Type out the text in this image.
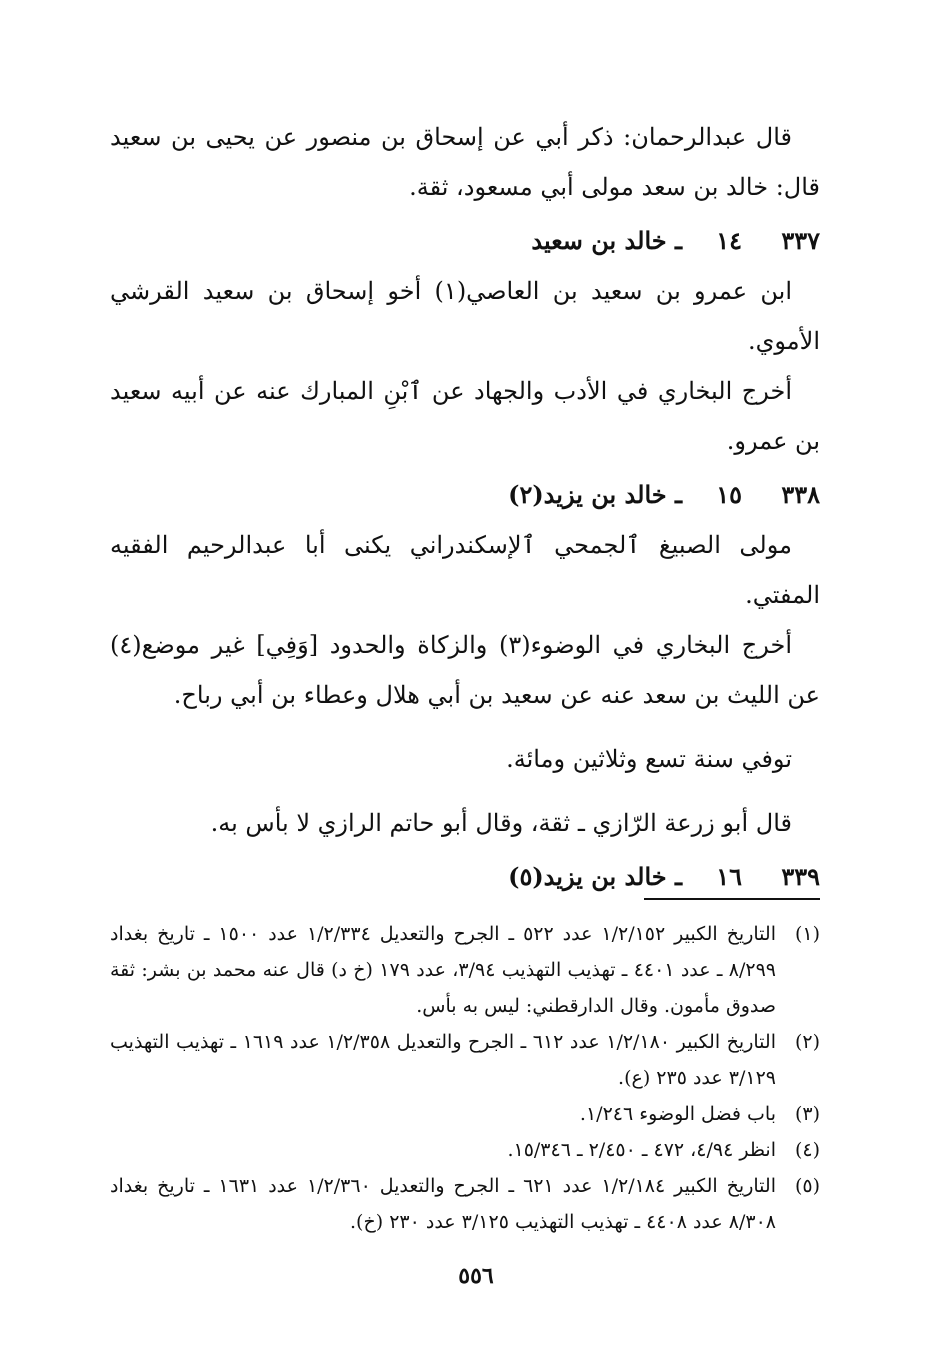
قال عبدالرحمان: ذكر أبي عن إسحاق بن منصور عن يحيى بن سعيد قال: خالد بن سعد مولى أبي مسعود، ثقة.

٣٣٧
١٤
ـ خالد بن سعيد

ابن عمرو بن سعيد بن العاصي(١) أخو إسحاق بن سعيد القرشي الأموي.

أخرج البخاري في الأدب والجهاد عن ٱبْنِ المبارك عنه عن أبيه سعيد بن عمرو.

٣٣٨
١٥
ـ خالد بن يزيد(٢)

مولى الصبيغ ٱلجمحي ٱلإسكندراني يكنى أبا عبدالرحيم الفقيه المفتي.

أخرج البخاري في الوضوء(٣) والزكاة والحدود [وَفِي] غير موضع(٤) عن الليث بن سعد عنه عن سعيد بن أبي هلال وعطاء بن أبي رباح.

توفي سنة تسع وثلاثين ومائة.

قال أبو زرعة الرّازي ـ ثقة، وقال أبو حاتم الرازي لا بأس به.

٣٣٩
١٦
ـ خالد بن يزيد(٥)
(١)
التاريخ الكبير ١/٢/١٥٢ عدد ٥٢٢ ـ الجرح والتعديل ١/٢/٣٣٤ عدد ١٥٠٠ ـ تاريخ بغداد ٨/٢٩٩ ـ عدد ٤٤٠١ ـ تهذيب التهذيب ٣/٩٤، عدد ١٧٩ (خ د) قال عنه محمد بن بشر: ثقة صدوق مأمون. وقال الدارقطني: ليس به بأس.
(٢)
التاريخ الكبير ١/٢/١٨٠ عدد ٦١٢ ـ الجرح والتعديل ١/٢/٣٥٨ عدد ١٦١٩ ـ تهذيب التهذيب ٣/١٢٩ عدد ٢٣٥ (ع).
(٣)
باب فضل الوضوء ١/٢٤٦.
(٤)
انظر ٤/٩٤، ٤٧٢ ـ ٢/٤٥٠ ـ ١٥/٣٤٦.
(٥)
التاريخ الكبير ١/٢/١٨٤ عدد ٦٢١ ـ الجرح والتعديل ١/٢/٣٦٠ عدد ١٦٣١ ـ تاريخ بغداد ٨/٣٠٨ عدد ٤٤٠٨ ـ تهذيب التهذيب ٣/١٢٥ عدد ٢٣٠ (خ).
٥٥٦
